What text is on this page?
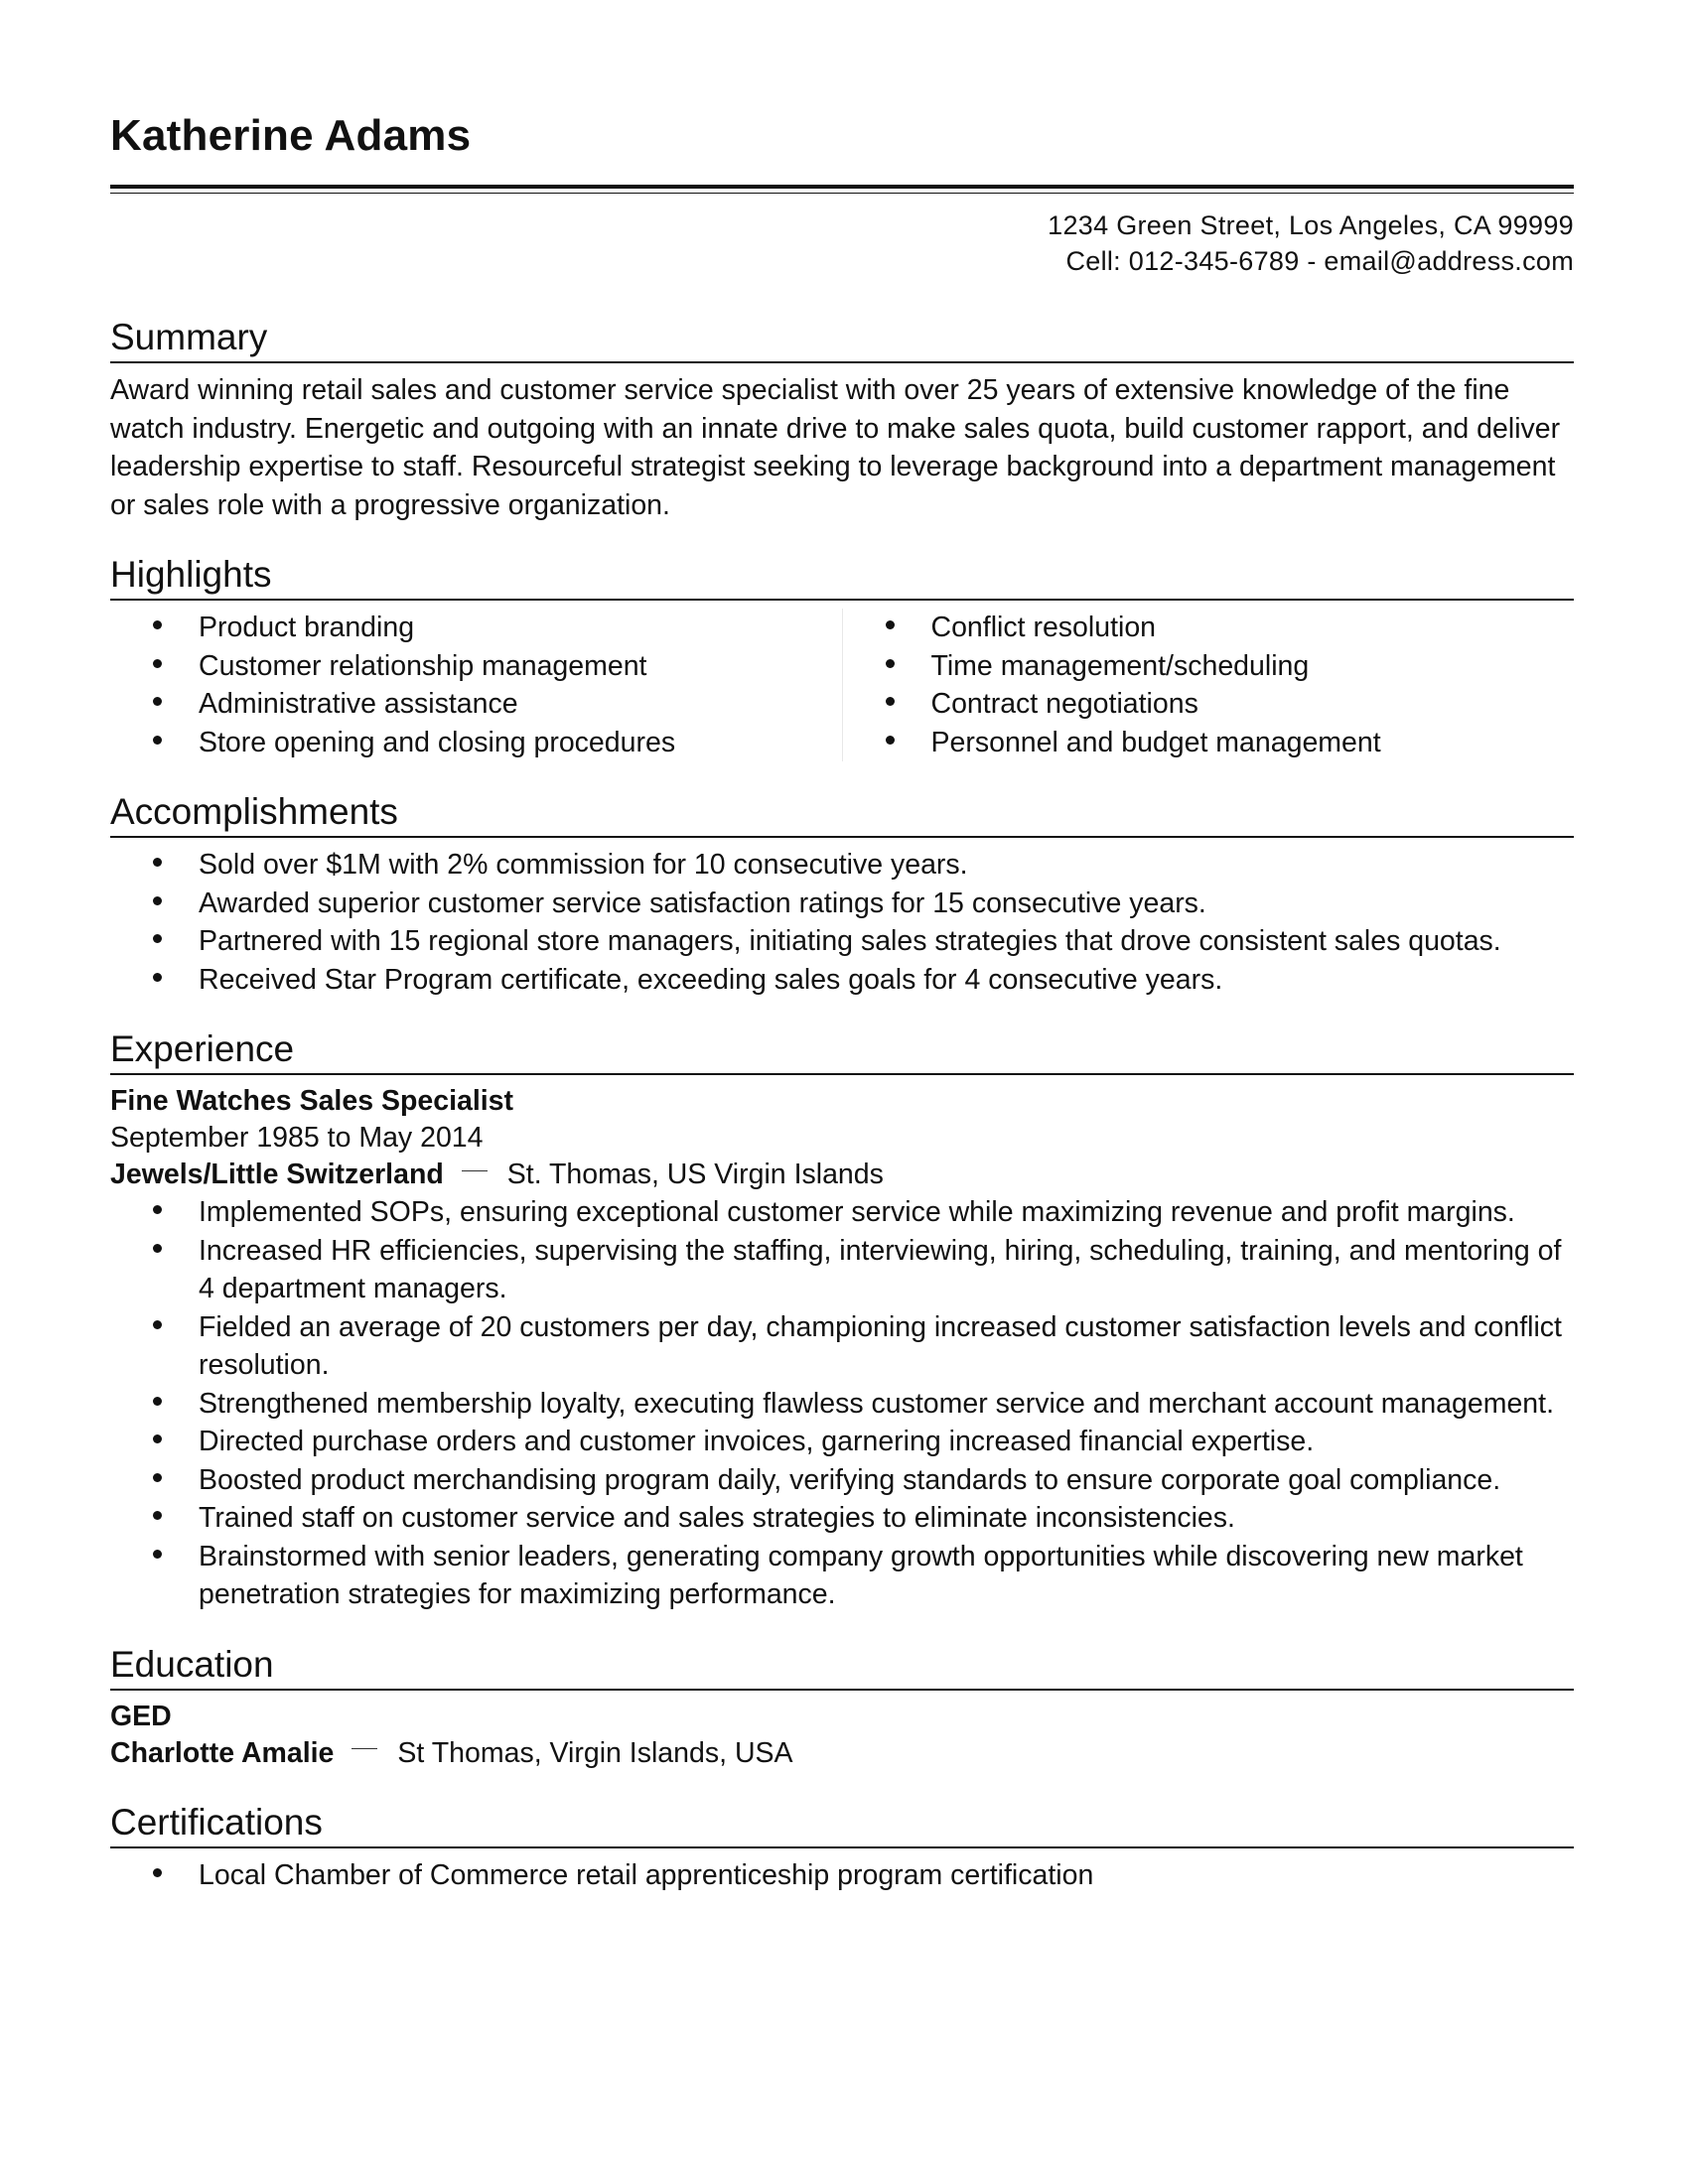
Katherine Adams
1234 Green Street, Los Angeles, CA 99999
Cell: 012-345-6789 - email@address.com
Summary

Award winning retail sales and customer service specialist with over 25 years of extensive knowledge of the fine watch industry. Energetic and outgoing with an innate drive to make sales quota, build customer rapport, and deliver leadership expertise to staff. Resourceful strategist seeking to leverage background into a department management or sales role with a progressive organization.

Highlights
Product branding
Customer relationship management
Administrative assistance
Store opening and closing procedures
Conflict resolution
Time management/scheduling
Contract negotiations
Personnel and budget management
Accomplishments
Sold over $1M with 2% commission for 10 consecutive years.
Awarded superior customer service satisfaction ratings for 15 consecutive years.
Partnered with 15 regional store managers, initiating sales strategies that drove consistent sales quotas.
Received Star Program certificate, exceeding sales goals for 4 consecutive years.
Experience

Fine Watches Sales Specialist

September 1985 to May 2014

Jewels/Little Switzerland St. Thomas, US Virgin Islands

Implemented SOPs, ensuring exceptional customer service while maximizing revenue and profit margins.
Increased HR efficiencies, supervising the staffing, interviewing, hiring, scheduling, training, and mentoring of 4 department managers.
Fielded an average of 20 customers per day, championing increased customer satisfaction levels and conflict resolution.
Strengthened membership loyalty, executing flawless customer service and merchant account management.
Directed purchase orders and customer invoices, garnering increased financial expertise.
Boosted product merchandising program daily, verifying standards to ensure corporate goal compliance.
Trained staff on customer service and sales strategies to eliminate inconsistencies.
Brainstormed with senior leaders, generating company growth opportunities while discovering new market penetration strategies for maximizing performance.
Education

GED

Charlotte Amalie St Thomas, Virgin Islands, USA

Certifications
Local Chamber of Commerce retail apprenticeship program certification
